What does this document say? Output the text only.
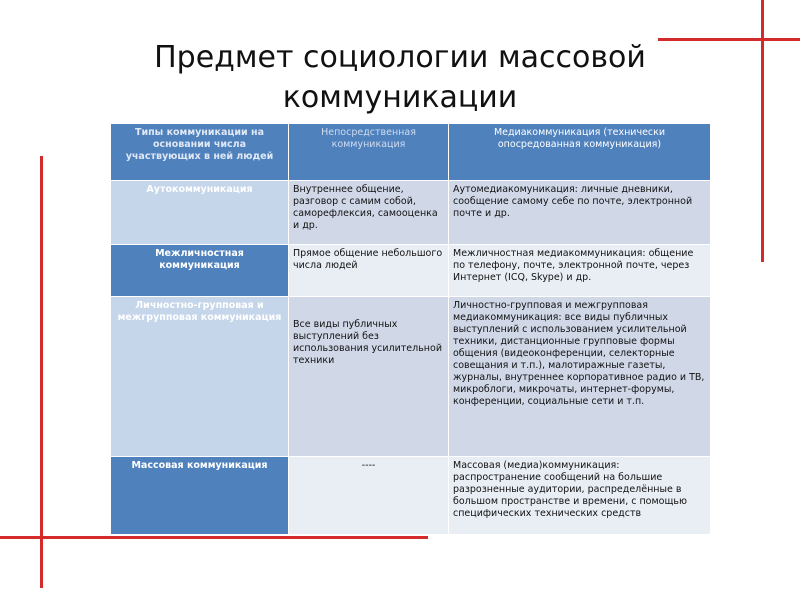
Предмет социологии массовой
коммуникации
Типы коммуникации на основании числа участвующих в ней людей	Непосредственная коммуникация	Медиакоммуникация (технически опосредованная коммуникация)
Аутокоммуникация	Внутреннее общение, разговор с самим собой, саморефлексия, самооценка и др.	Аутомедиакомуникация: личные дневники, сообщение самому себе по почте, электронной почте и др.
Межличностная коммуникация	Прямое общение небольшого числа людей	Межличностная медиакоммуникация: общение по телефону, почте, электронной почте, через Интернет (ICQ, Skype) и др.
Личностно-групповая и межгрупповая коммуникация	Все виды публичных выступлений без использования усилительной техники	Личностно-групповая и межгрупповая медиакоммуникация: все виды публичных выступлений с использованием усилительной техники, дистанционные групповые формы общения (видеоконференции, селекторные совещания и т.п.), малотиражные газеты, журналы, внутреннее корпоративное радио и ТВ, микроблоги, микрочаты, интернет-форумы, конференции, социальные сети и т.п.
Массовая коммуникация	----	Массовая (медиа)коммуникация: распространение сообщений на большие разрозненные аудитории, распределённые в большом пространстве и времени, с помощью специфических технических средств
